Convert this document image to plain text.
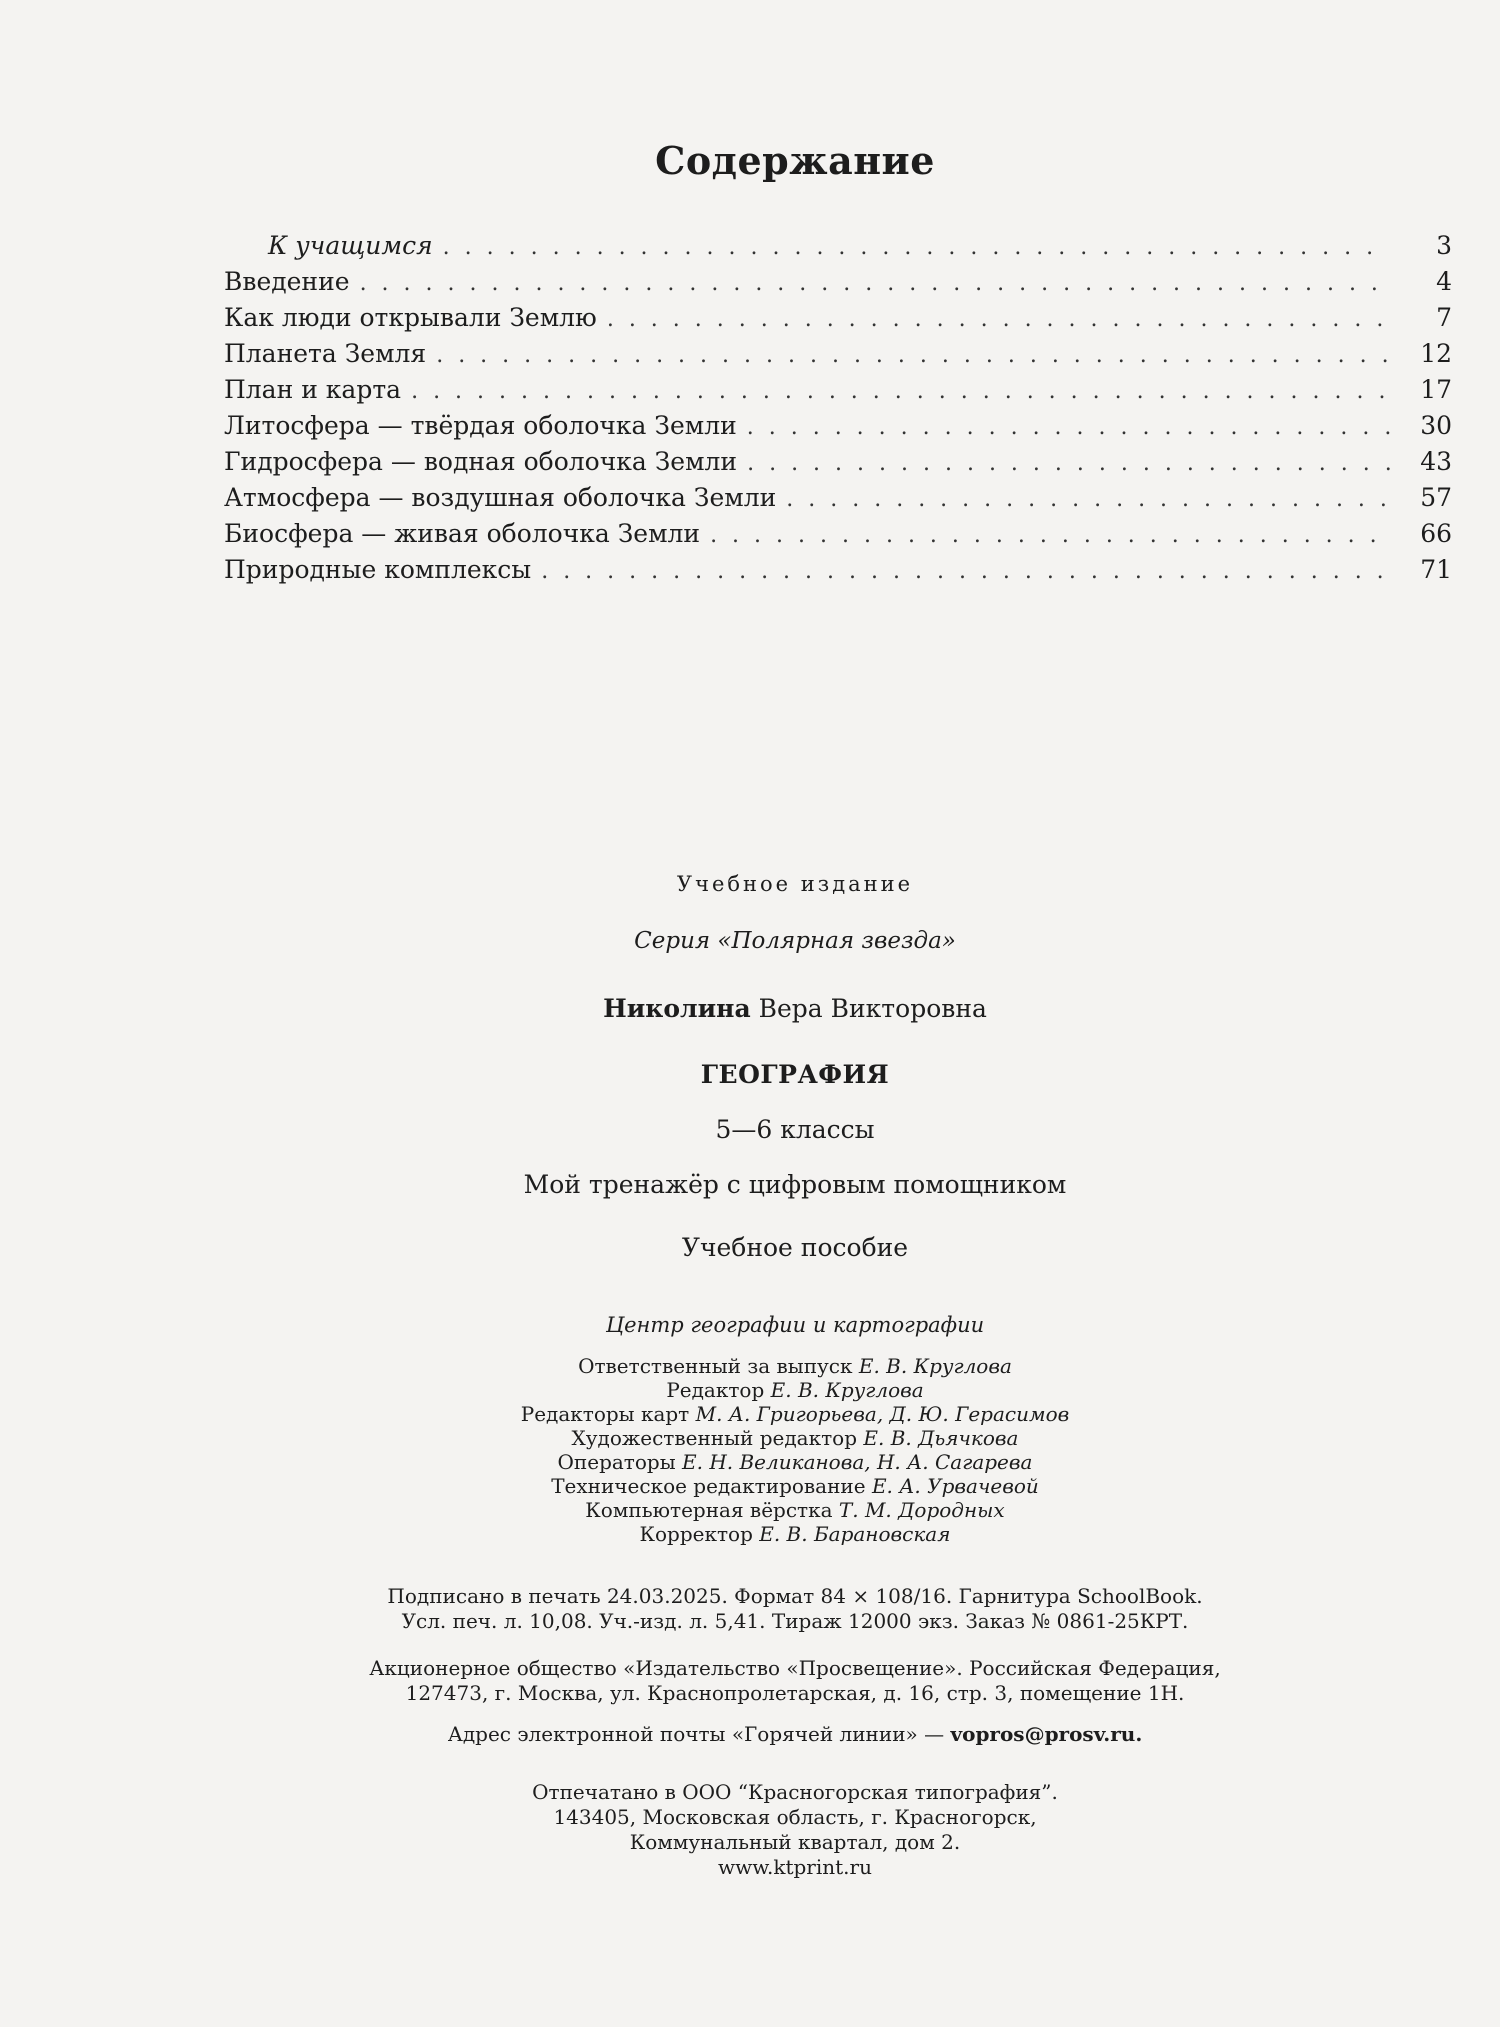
Содержание
К учащимся . . .	3
Введение . . .	4
Как люди открывали Землю . . .	7
Планета Земля . . .	12
План и карта . . .	17
Литосфера — твёрдая оболочка Земли . . .	30
Гидросфера — водная оболочка Земли . . .	43
Атмосфера — воздушная оболочка Земли . . .	57
Биосфера — живая оболочка Земли . . .	66
Природные комплексы . . .	71
Учебное издание
Серия «Полярная звезда»
Николина Вера Викторовна
ГЕОГРАФИЯ
5—6 классы
Мой тренажёр с цифровым помощником
Учебное пособие
Центр географии и картографии
Ответственный за выпуск Е. В. Круглова
Редактор Е. В. Круглова
Редакторы карт М. А. Григорьева, Д. Ю. Герасимов
Художественный редактор Е. В. Дьячкова
Операторы Е. Н. Великанова, Н. А. Сагарева
Техническое редактирование Е. А. Урвачевой
Компьютерная вёрстка Т. М. Дородных
Корректор Е. В. Барановская
Подписано в печать 24.03.2025. Формат 84 × 108/16. Гарнитура SchoolBook.
Усл. печ. л. 10,08. Уч.-изд. л. 5,41. Тираж 12000 экз. Заказ № 0861-25КРТ.
Акционерное общество «Издательство «Просвещение». Российская Федерация,
127473, г. Москва, ул. Краснопролетарская, д. 16, стр. 3, помещение 1Н.
Адрес электронной почты «Горячей линии» — vopros@prosv.ru.
Отпечатано в ООО “Красногорская типография”.
143405, Московская область, г. Красногорск,
Коммунальный квартал, дом 2.
www.ktprint.ru
